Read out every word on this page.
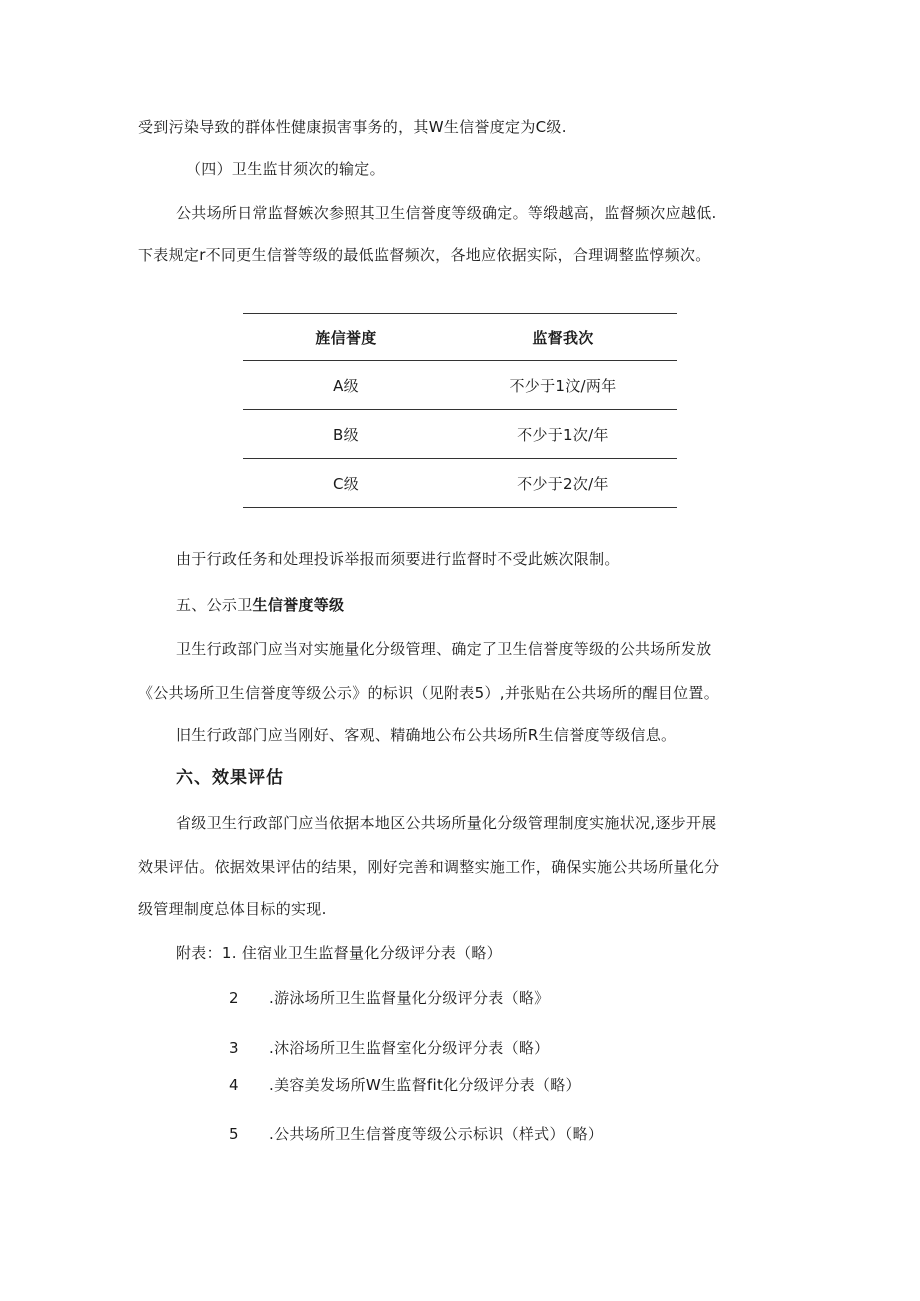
受到污染导致的群体性健康损害事务的，其W生信誉度定为C级.
（四）卫生监甘须次的输定。
公共场所日常监督嫉次参照其卫生信誉度等级确定。等缎越高，监督频次应越低.
下表规定r不同更生信誉等级的最低监督频次，各地应依据实际，合理调整监惇频次。
旌信誉度	监督我次
A级	不少于1汶/两年
B级	不少于1次/年
C级	不少于2次/年
由于行政任务和处理投诉举报而须要进行监督时不受此嫉次限制。
五、公示卫生信誉度等级
卫生行政部门应当对实施量化分级管理、确定了卫生信誉度等级的公共场所发放
《公共场所卫生信誉度等级公示》的标识（见附表5）,并张贴在公共场所的醒目位置。
旧生行政部门应当刚好、客观、精确地公布公共场所R生信誉度等级信息。
六、效果评估
省级卫生行政部门应当依据本地区公共场所量化分级管理制度实施状况,逐步开展
效果评估。依据效果评估的结果，刚好完善和调整实施工作，确保实施公共场所量化分
级管理制度总体目标的实现.
附表：1. 住宿业卫生监督量化分级评分表（略）
2 .游泳场所卫生监督量化分级评分表（略》
3 .沐浴场所卫生监督室化分级评分表（略）
4 .美容美发场所W生监督fit化分级评分表（略）
5 .公共场所卫生信誉度等级公示标识（样式）（略）
